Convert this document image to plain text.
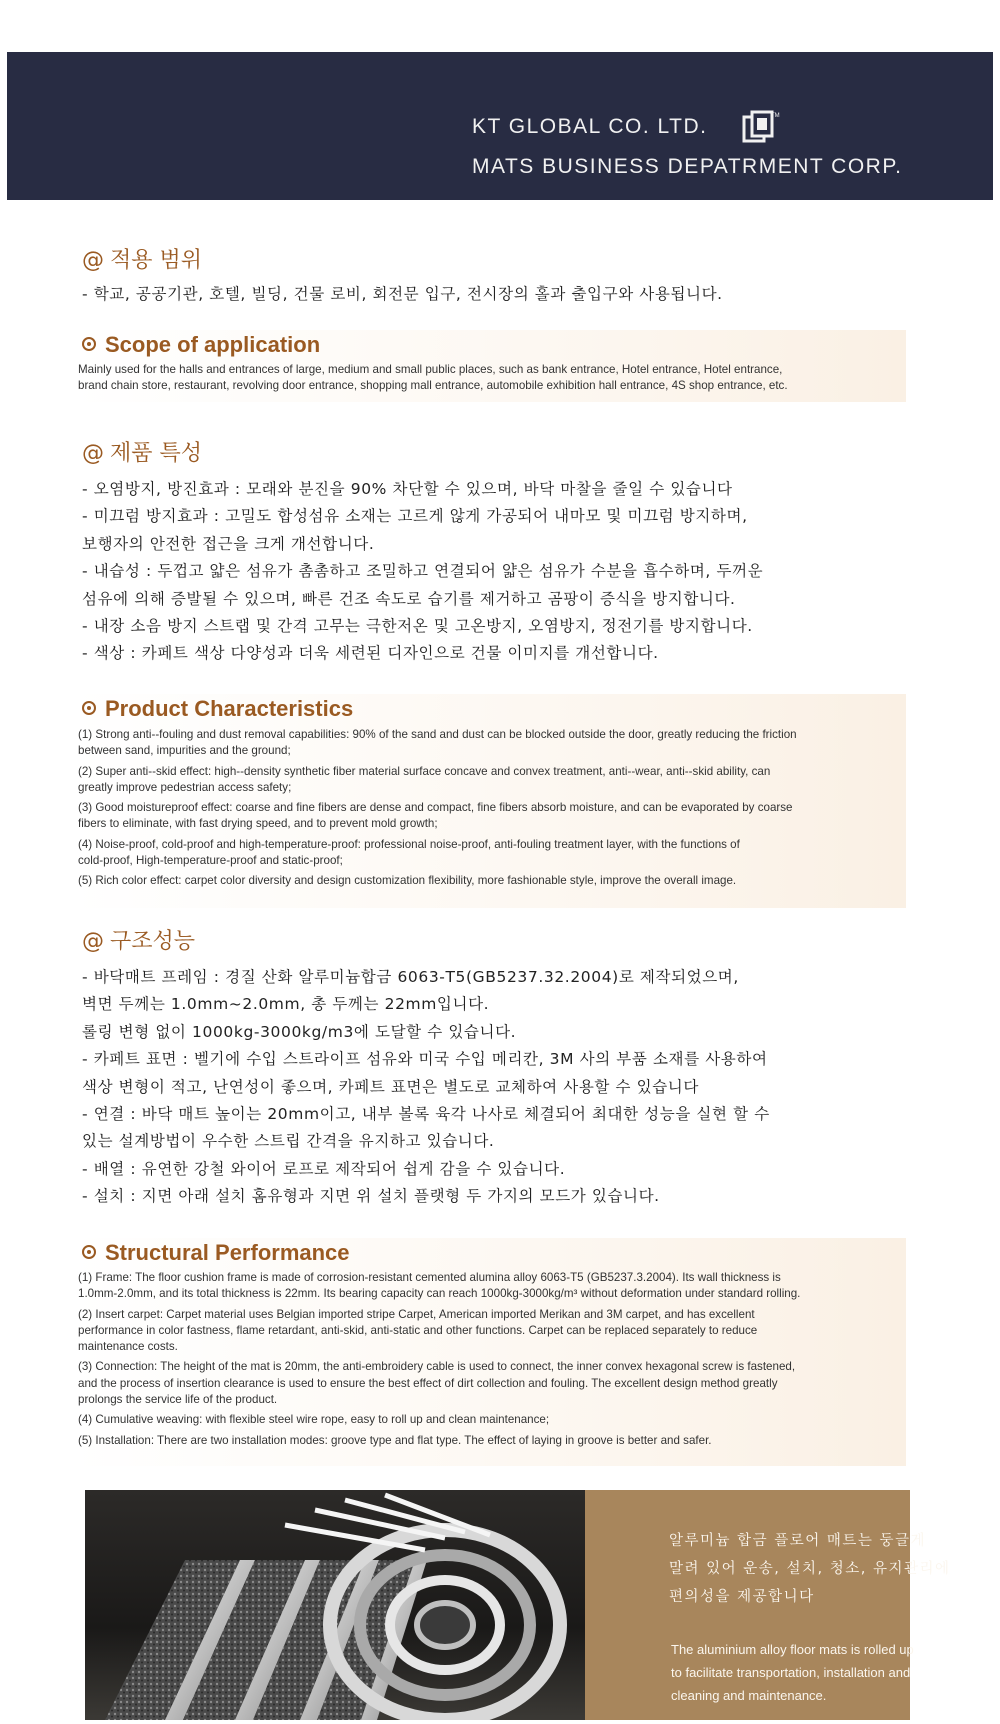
KT GLOBAL CO. LTD.	TM
MATS BUSINESS DEPATRMENT CORP.
@ 적용 범위
- 학교, 공공기관, 호텔, 빌딩, 건물 로비, 회전문 입구, 전시장의 홀과 출입구와 사용됩니다.
Scope of application
Mainly used for the halls and entrances of large, medium and small public places, such as bank entrance, Hotel entrance, Hotel entrance,
brand chain store, restaurant, revolving door entrance, shopping mall entrance, automobile exhibition hall entrance, 4S shop entrance, etc.
@ 제품 특성
- 오염방지, 방진효과 : 모래와 분진을 90% 차단할 수 있으며, 바닥 마찰을 줄일 수 있습니다
- 미끄럼 방지효과 : 고밀도 합성섬유 소재는 고르게 않게 가공되어 내마모 및 미끄럼 방지하며,
보행자의 안전한 접근을 크게 개선합니다.
- 내습성 : 두껍고 얇은 섬유가 촘촘하고 조밀하고 연결되어 얇은 섬유가 수분을 흡수하며, 두꺼운
섬유에 의해 증발될 수 있으며, 빠른 건조 속도로 습기를 제거하고 곰팡이 증식을 방지합니다.
- 내장 소음 방지 스트랩 및 간격 고무는 극한저온 및 고온방지, 오염방지, 정전기를 방지합니다.
- 색상 : 카페트 색상 다양성과 더욱 세련된 디자인으로 건물 이미지를 개선합니다.
Product Characteristics
(1) Strong anti--fouling and dust removal capabilities: 90% of the sand and dust can be blocked outside the door, greatly reducing the friction
between sand, impurities and the ground;
(2) Super anti--skid effect: high--density synthetic fiber material surface concave and convex treatment, anti--wear, anti--skid ability, can
greatly improve pedestrian access safety;
(3) Good moistureproof effect: coarse and fine fibers are dense and compact, fine fibers absorb moisture, and can be evaporated by coarse
fibers to eliminate, with fast drying speed, and to prevent mold growth;
(4) Noise-proof, cold-proof and high-temperature-proof: professional noise-proof, anti-fouling treatment layer, with the functions of
cold-proof, High-temperature-proof and static-proof;
(5) Rich color effect: carpet color diversity and design customization flexibility, more fashionable style, improve the overall image.
@ 구조성능
- 바닥매트 프레임 : 경질 산화 알루미늄합금 6063-T5(GB5237.32.2004)로 제작되었으며,
벽면 두께는 1.0mm~2.0mm, 총 두께는 22mm입니다.
롤링 변형 없이 1000kg-3000kg/m3에 도달할 수 있습니다.
- 카페트 표면 : 벨기에 수입 스트라이프 섬유와 미국 수입 메리칸, 3M 사의 부품 소재를 사용하여
색상 변형이 적고, 난연성이 좋으며, 카페트 표면은 별도로 교체하여 사용할 수 있습니다
- 연결 : 바닥 매트 높이는 20mm이고, 내부 볼록 육각 나사로 체결되어 최대한 성능을 실현 할 수
있는 설계방법이 우수한 스트립 간격을 유지하고 있습니다.
- 배열 : 유연한 강철 와이어 로프로 제작되어 쉽게 감을 수 있습니다.
- 설치 : 지면 아래 설치 홈유형과 지면 위 설치 플랫형 두 가지의 모드가 있습니다.
Structural Performance
(1) Frame: The floor cushion frame is made of corrosion-resistant cemented alumina alloy 6063-T5 (GB5237.3.2004). Its wall thickness is
1.0mm-2.0mm, and its total thickness is 22mm. Its bearing capacity can reach 1000kg-3000kg/m³ without deformation under standard rolling.
(2) Insert carpet: Carpet material uses Belgian imported stripe Carpet, American imported Merikan and 3M carpet, and has excellent
performance in color fastness, flame retardant, anti-skid, anti-static and other functions. Carpet can be replaced separately to reduce
maintenance costs.
(3) Connection: The height of the mat is 20mm, the anti-embroidery cable is used to connect, the inner convex hexagonal screw is fastened,
and the process of insertion clearance is used to ensure the best effect of dirt collection and fouling. The excellent design method greatly
prolongs the service life of the product.
(4) Cumulative weaving: with flexible steel wire rope, easy to roll up and clean maintenance;
(5) Installation: There are two installation modes: groove type and flat type. The effect of laying in groove is better and safer.
알루미늄 합금 플로어 매트는 둥글게
말려 있어 운송, 설치, 청소, 유지관리에
편의성을 제공합니다
The aluminium alloy floor mats is rolled up
to facilitate transportation, installation and
cleaning and maintenance.
